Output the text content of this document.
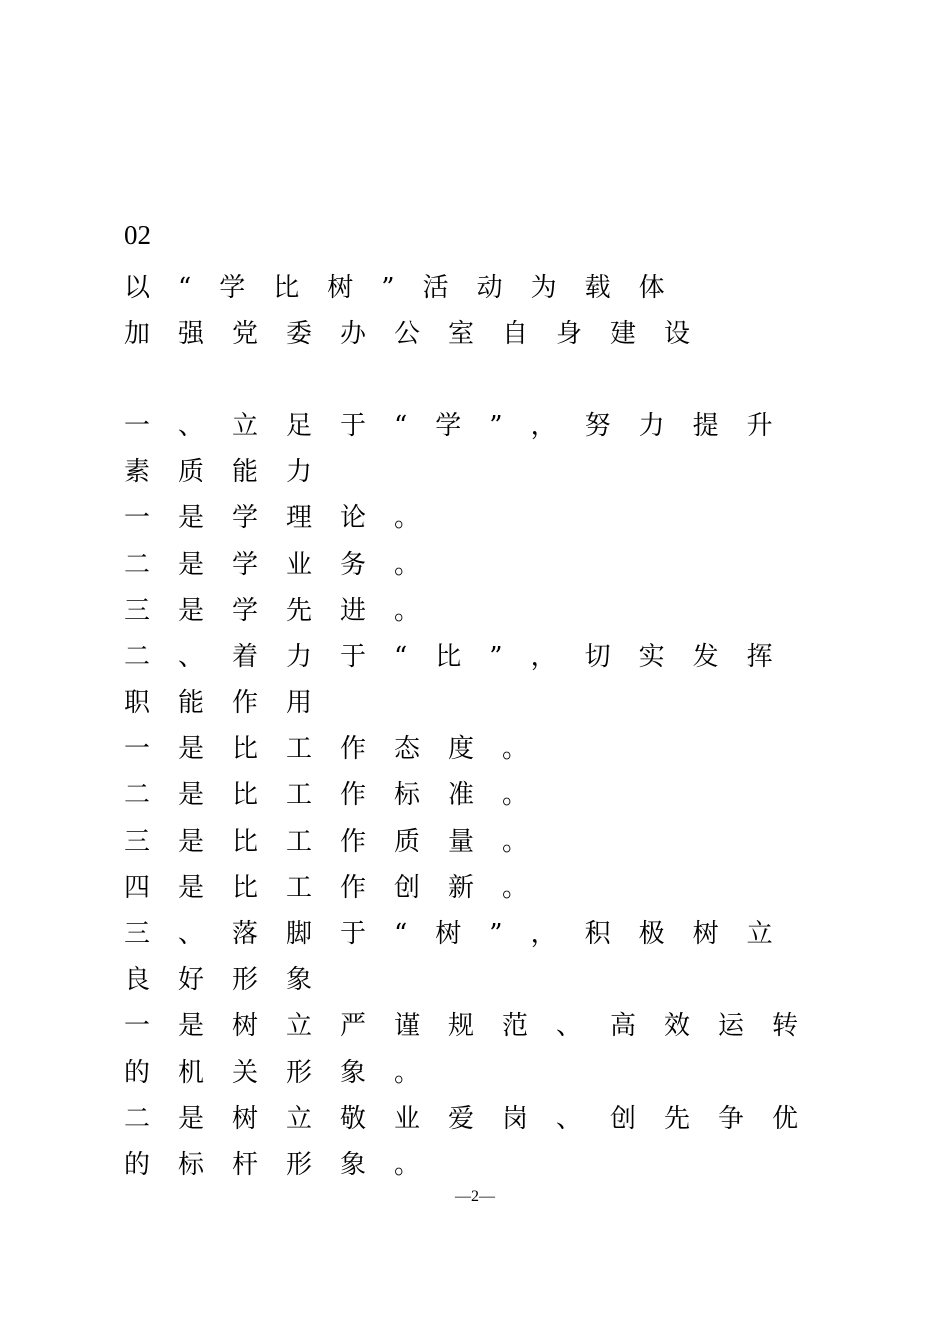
02
以“学比树”活动为载体
加强党委办公室自身建设
一、立足于“学”，努力提升
素质能力
一是学理论。
二是学业务。
三是学先进。
二、着力于“比”，切实发挥
职能作用
一是比工作态度。
二是比工作标准。
三是比工作质量。
四是比工作创新。
三、落脚于“树”，积极树立
良好形象
一是树立严谨规范、高效运转
的机关形象。
二是树立敬业爱岗、创先争优
的标杆形象。
—2—
